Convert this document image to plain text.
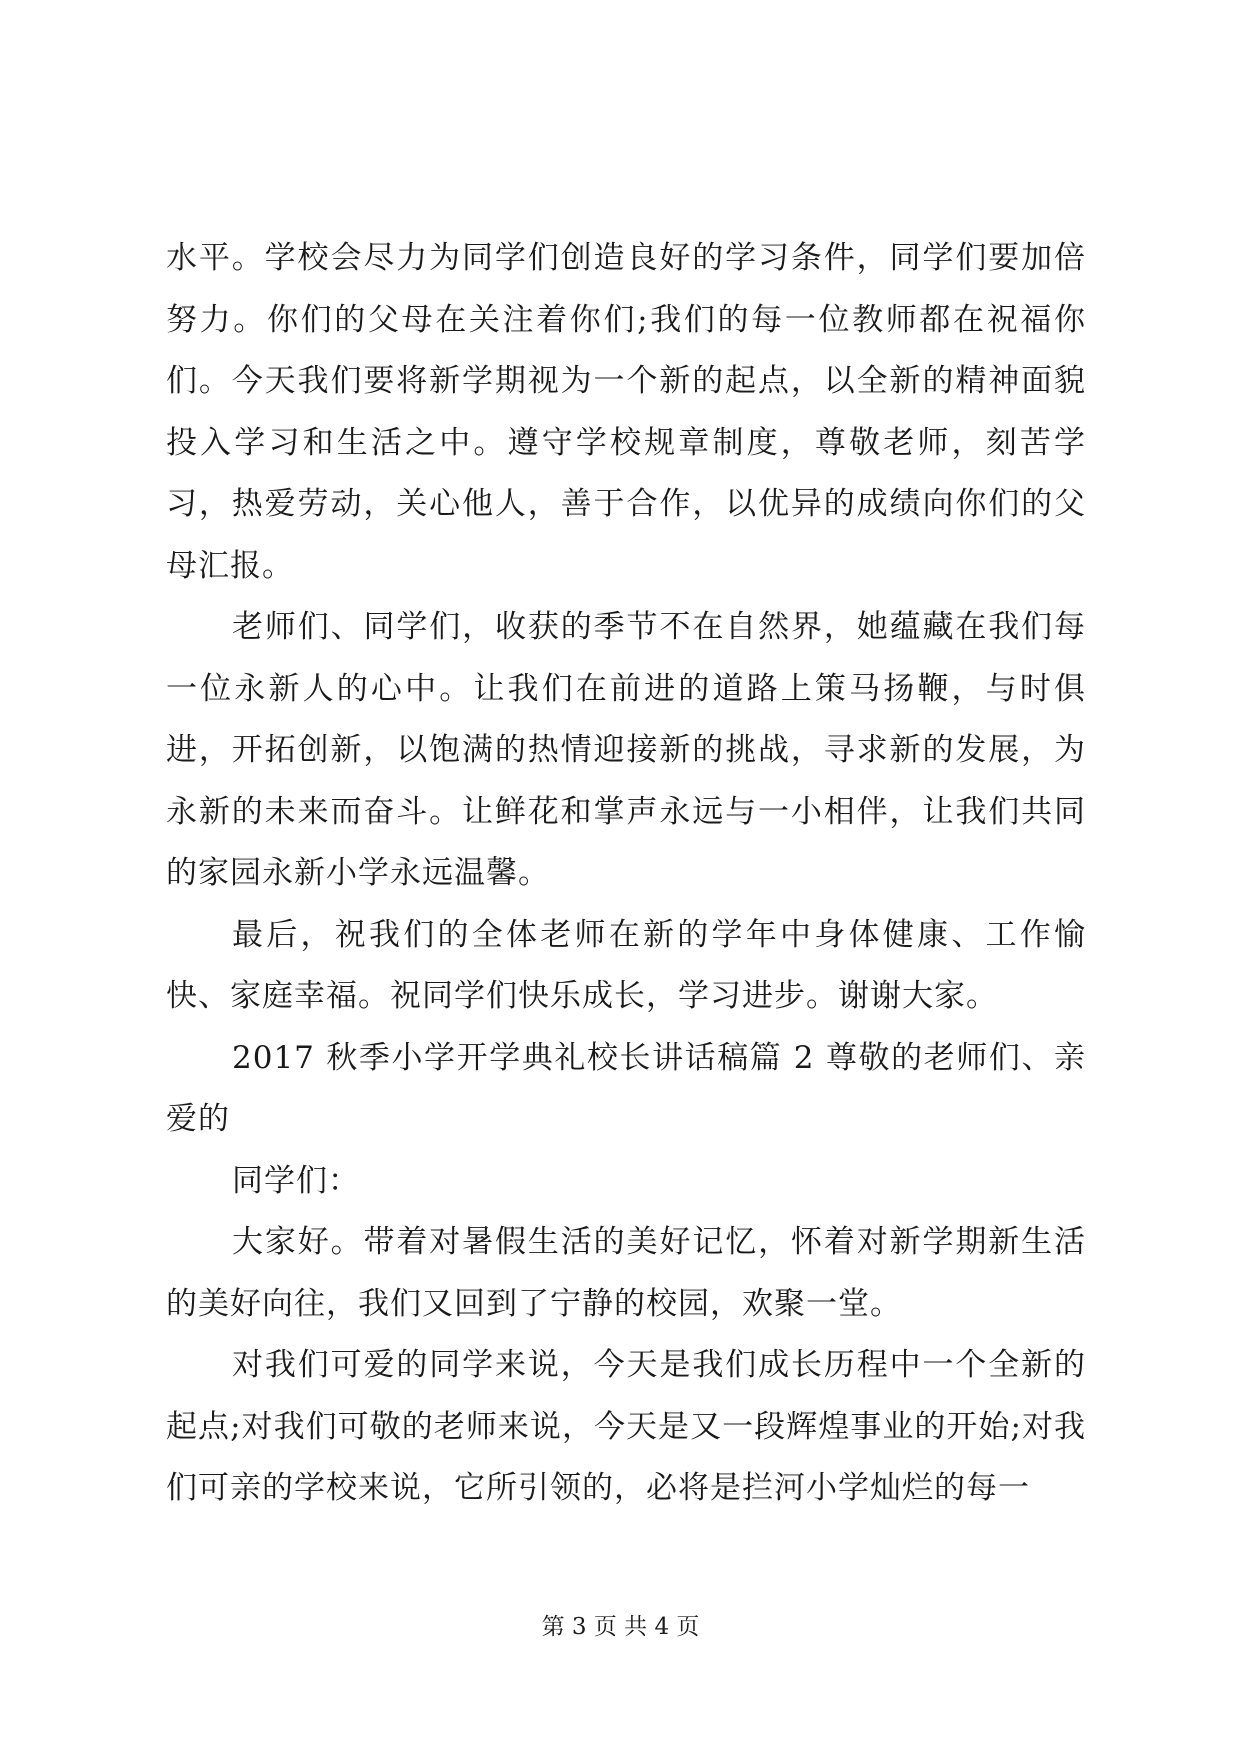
水平。学校会尽力为同学们创造良好的学习条件，同学们要加倍努力。你们的父母在关注着你们;我们的每一位教师都在祝福你们。今天我们要将新学期视为一个新的起点，以全新的精神面貌投入学习和生活之中。遵守学校规章制度，尊敬老师，刻苦学习，热爱劳动，关心他人，善于合作，以优异的成绩向你们的父母汇报。

老师们、同学们，收获的季节不在自然界，她蕴藏在我们每一位永新人的心中。让我们在前进的道路上策马扬鞭，与时俱进，开拓创新，以饱满的热情迎接新的挑战，寻求新的发展，为永新的未来而奋斗。让鲜花和掌声永远与一小相伴，让我们共同的家园永新小学永远温馨。

最后，祝我们的全体老师在新的学年中身体健康、工作愉快、家庭幸福。祝同学们快乐成长，学习进步。谢谢大家。

2017 秋季小学开学典礼校长讲话稿篇 2 尊敬的老师们、亲爱的

同学们：

大家好。带着对暑假生活的美好记忆，怀着对新学期新生活的美好向往，我们又回到了宁静的校园，欢聚一堂。

对我们可爱的同学来说，今天是我们成长历程中一个全新的起点;对我们可敬的老师来说，今天是又一段辉煌事业的开始;对我们可亲的学校来说，它所引领的，必将是拦河小学灿烂的每一

第 3 页 共 4 页
